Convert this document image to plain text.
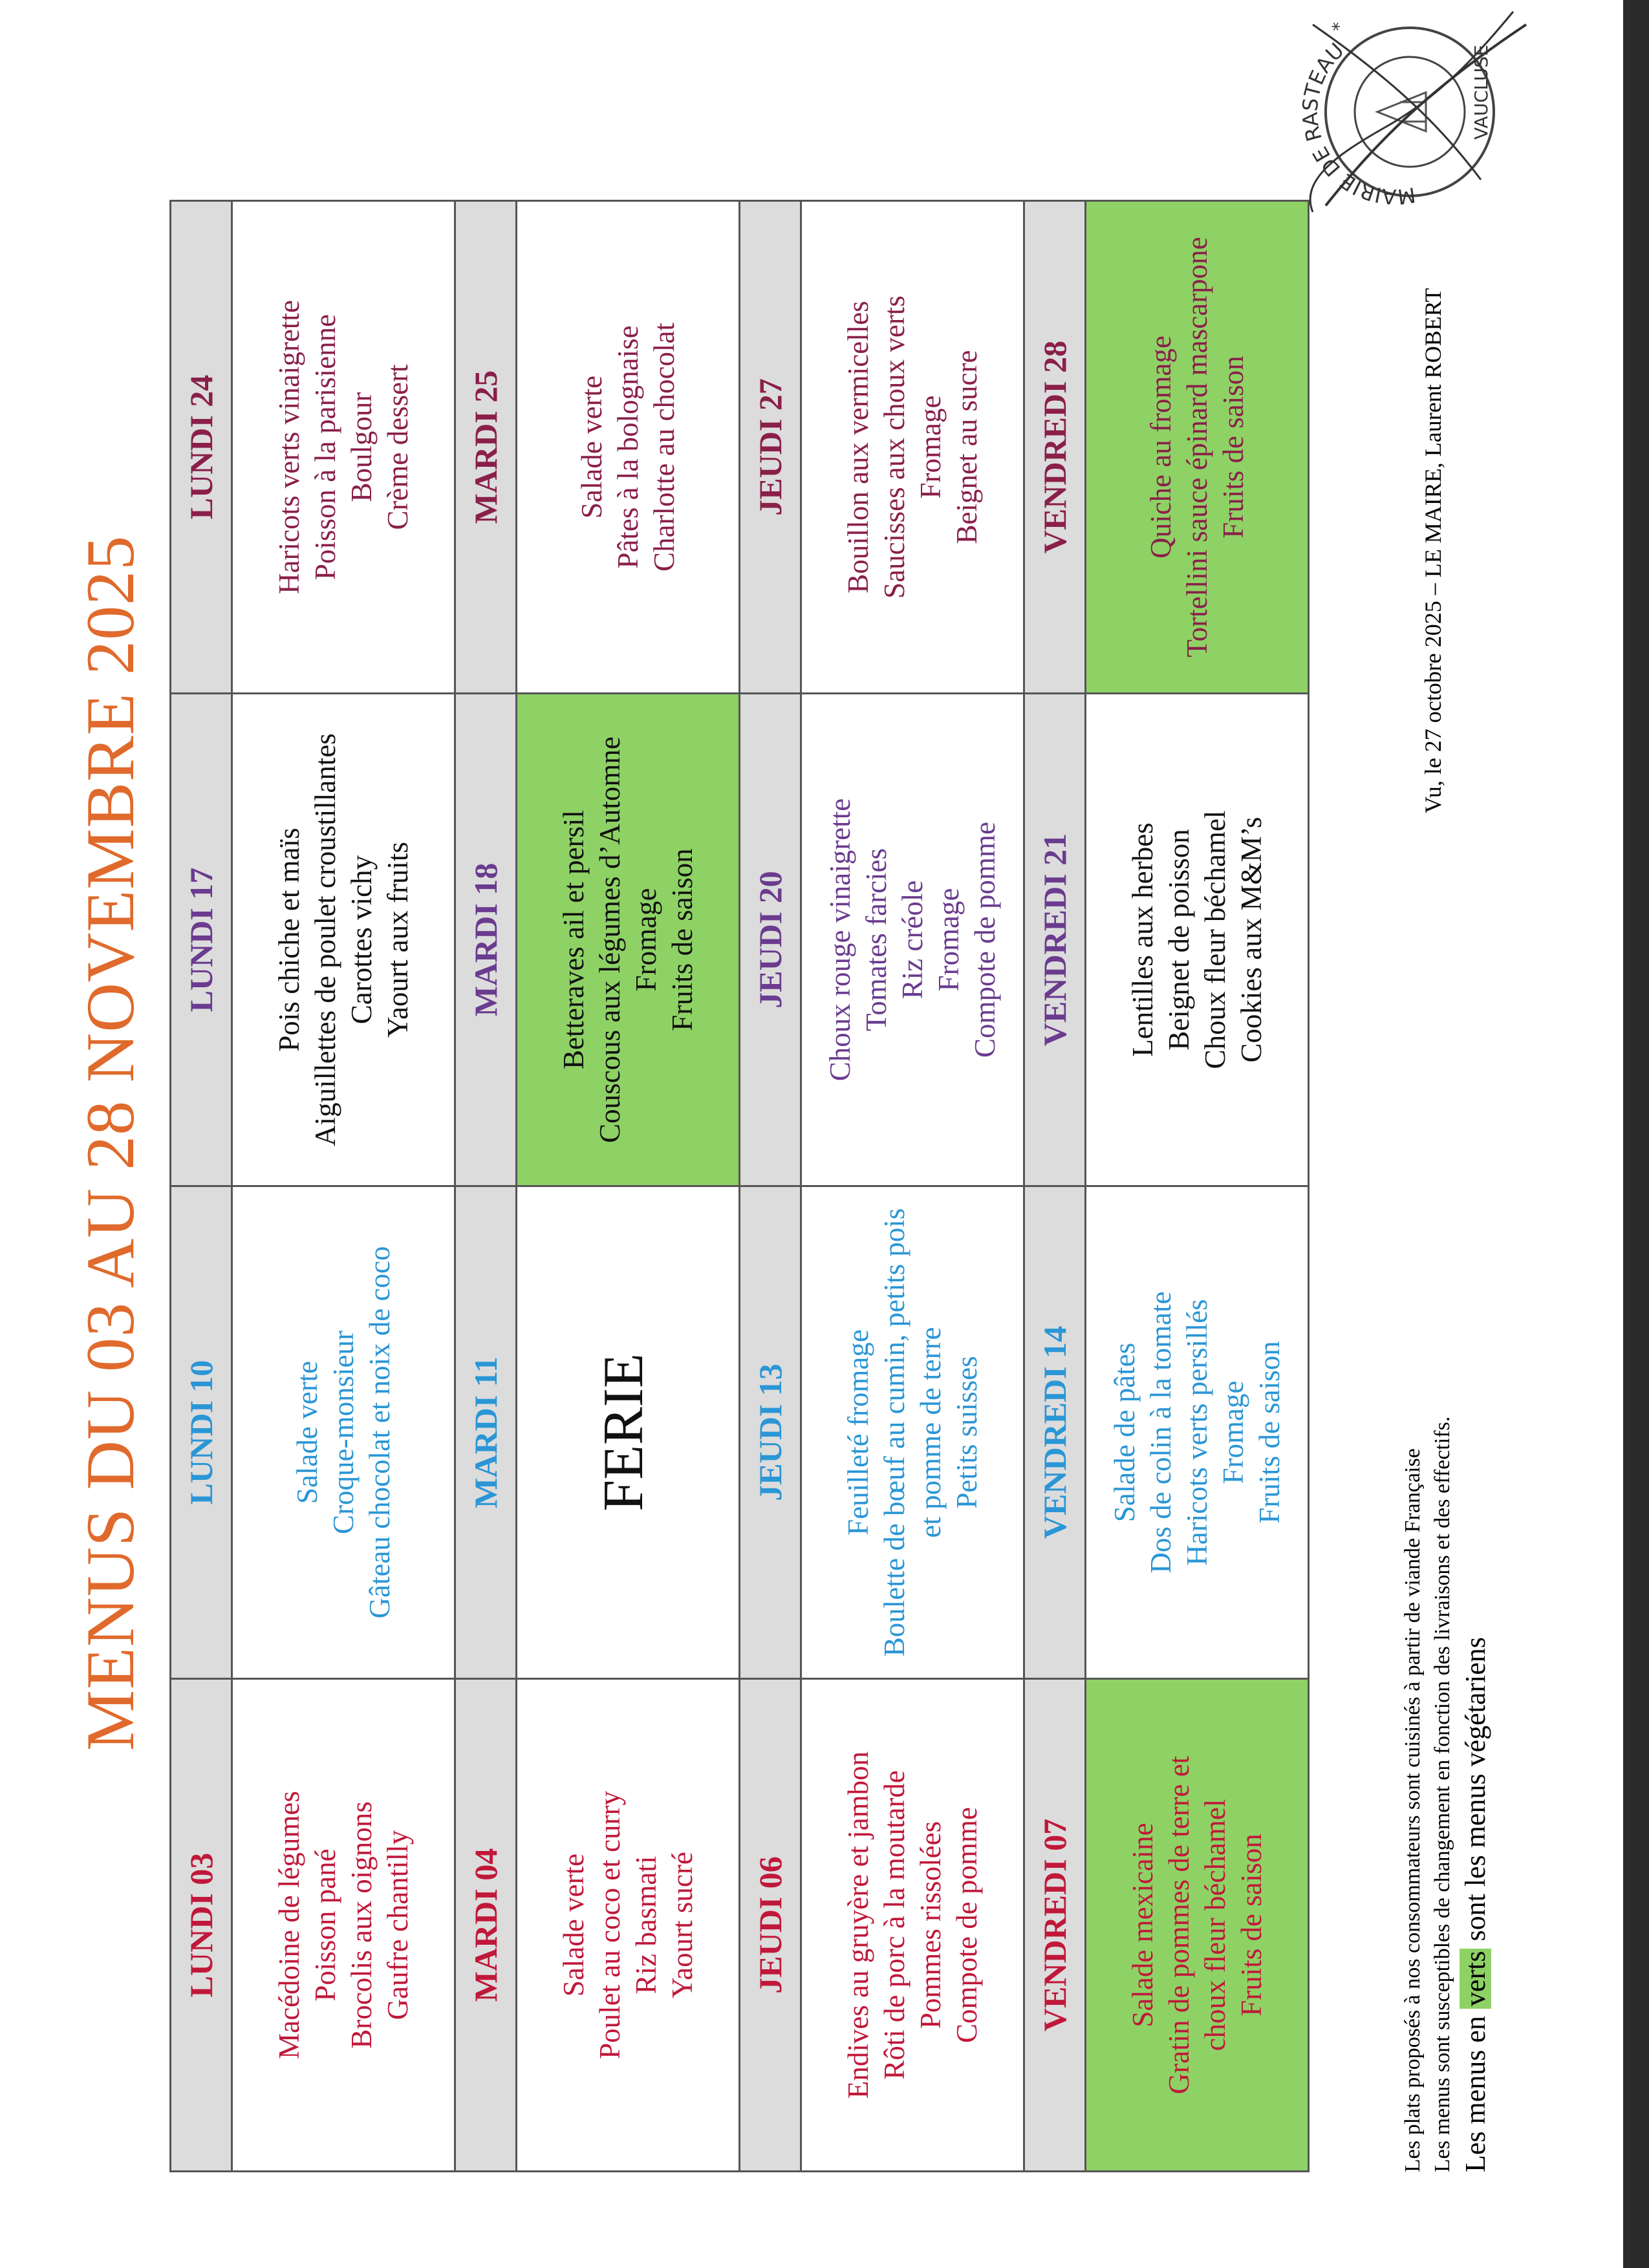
MENUS DU 03 AU 28 NOVEMBRE 2025
LUNDI 03	LUNDI 10	LUNDI 17	LUNDI 24

Macédoine de légumes Poisson pané Brocolis aux oignons Gaufre chantilly	Salade verte Croque-monsieur Gâteau chocolat et noix de coco	Pois chiche et maïs Aiguillettes de poulet croustillantes Carottes vichy Yaourt aux fruits	Haricots verts vinaigrette Poisson à la parisienne Boulgour Crème dessert

MARDI 04	MARDI 11	MARDI 18	MARDI 25

Salade verte Poulet au coco et curry Riz basmati Yaourt sucré	FERIE	Betteraves ail et persil Couscous aux légumes d’Automne Fromage Fruits de saison	Salade verte Pâtes à la bolognaise Charlotte au chocolat

JEUDI 06	JEUDI 13	JEUDI 20	JEUDI 27

Endives au gruyère et jambon Rôti de porc à la moutarde Pommes rissolées Compote de pomme	Feuilleté fromage Boulette de bœuf au cumin, petits pois et pomme de terre Petits suisses	Choux rouge vinaigrette Tomates farcies Riz créole Fromage Compote de pomme	Bouillon aux vermicelles Saucisses aux choux verts Fromage Beignet au sucre

VENDREDI 07	VENDREDI 14	VENDREDI 21	VENDREDI 28

Salade mexicaine Gratin de pommes de terre et choux fleur béchamel Fruits de saison	Salade de pâtes Dos de colin à la tomate Haricots verts persillés Fromage Fruits de saison	Lentilles aux herbes Beignet de poisson Choux fleur béchamel Cookies aux M&M’s	Quiche au fromage Tortellini sauce épinard mascarpone Fruits de saison
Les plats proposés à nos consommateurs sont cuisinés à partir de viande Française Les menus sont susceptibles de changement en fonction des livraisons et des effectifs. Les menus en verts sont les menus végétariens
Vu, le 27 octobre 2025 – LE MAIRE, Laurent ROBERT
MAIRIE DE RASTEAU
*
VAUCLUSE
